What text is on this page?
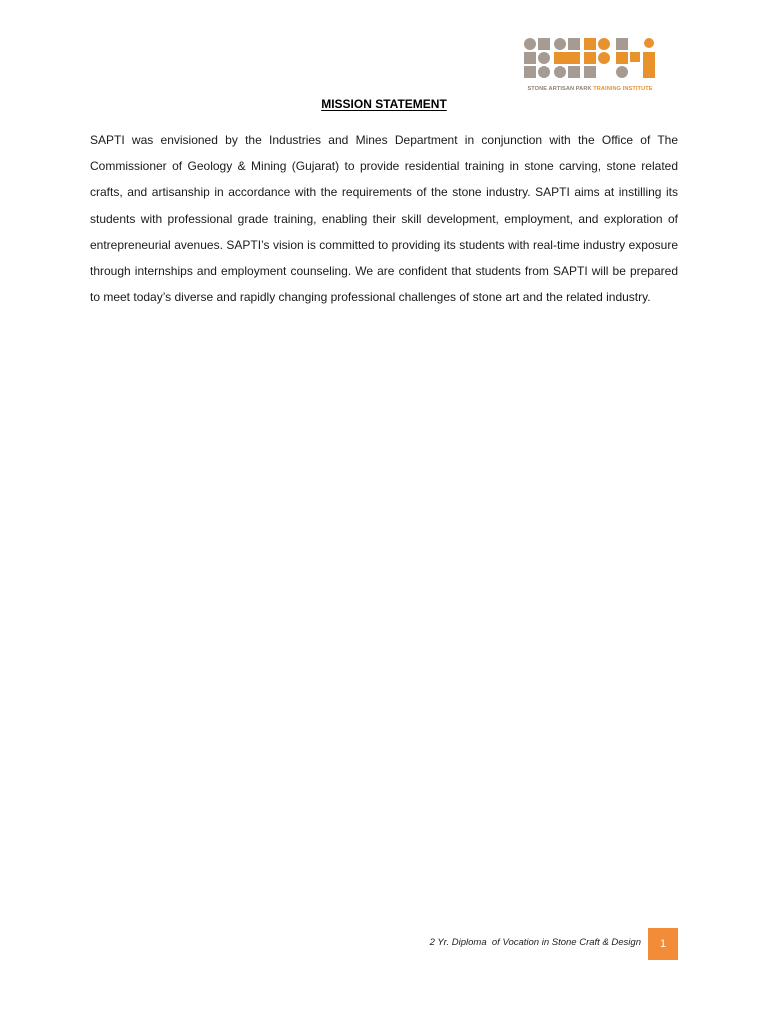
STONE ARTISAN PARK TRAINING INSTITUTE
MISSION STATEMENT

SAPTI was envisioned by the Industries and Mines Department in conjunction with the Office of The Commissioner of Geology & Mining (Gujarat) to provide residential training in stone carving, stone related crafts, and artisanship in accordance with the requirements of the stone industry. SAPTI aims at instilling its students with professional grade training, enabling their skill development, employment, and exploration of entrepreneurial avenues. SAPTI’s vision is committed to providing its students with real-time industry exposure through internships and employment counseling. We are confident that students from SAPTI will be prepared to meet today’s diverse and rapidly changing professional challenges of stone art and the related industry.

2 Yr. Diploma  of Vocation in Stone Craft & Design	1
